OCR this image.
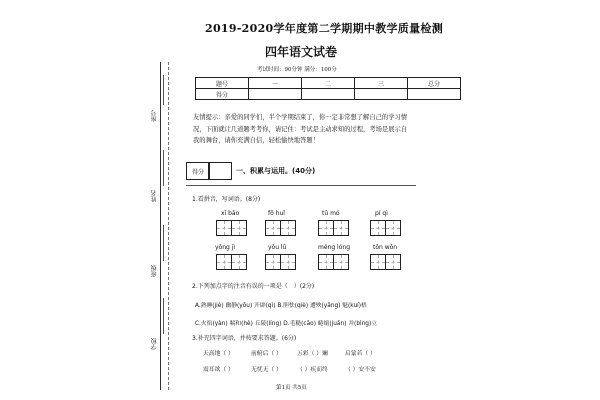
座号
姓名
班级
学校
2019-2020学年度第二学期期中教学质量检测
四年语文试卷
考试时间：90分钟 满分：100分
题号	一	二	三	总分
得分				
友情提示：亲爱的同学们，半个学期结束了，你一定非常想了解自己的学习情况，下面就让几道题考考你，请记住：考试是主动求知的过程，考场是展示自我的舞台，请你充满自信，轻松愉快地答题！
得分	一、积累与运用。(40分)
1.看拼音，写词语。(8分)
xī bāo	fǒ huǐ	tū mó	pí qì
yǒng jì	yǒu lǜ	méng lóng	tǒn wǒn
2.下列加点字的注音有误的一项是（　）(2分)
A.熟睡(jiè) 幽静(yōu) 开辟(qì) B.胆怯(qiè) 遭殃(yāng) 魁(kuí)梧
C.火焰(yàn) 喘和(hè) 丘陵(líng) D.毛糙(cāo) 蜷缩(juǎn) 并(bìng)立
3.补充四字词语，并按要求答题。(6分)
天高地（ ）	前俯后（ ）	五彩（ ）斓	启蒙若（ ）
震耳欲（ ）	无忧无（ ）	（ ）疾而终	（ ）安不安
第1页 共5页
